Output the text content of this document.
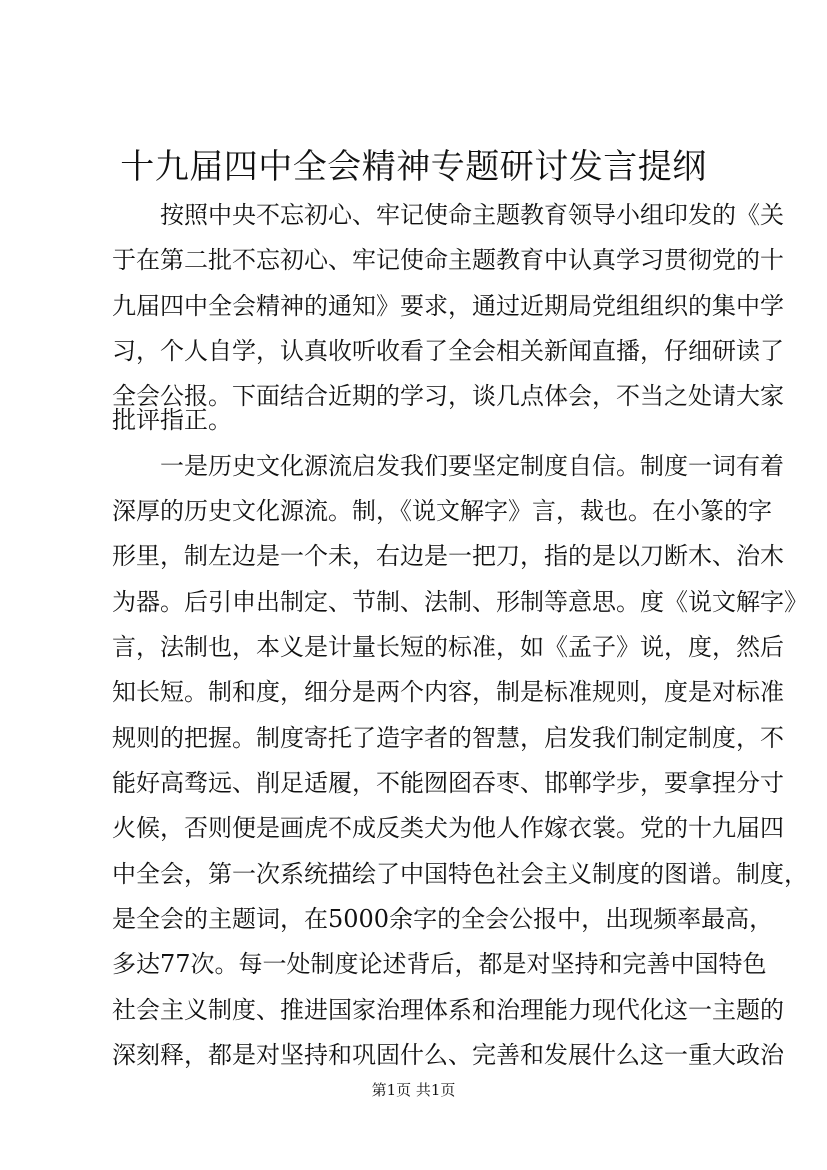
十九届四中全会精神专题研讨发言提纲
按照中央不忘初心、牢记使命主题教育领导小组印发的《关
于在第二批不忘初心、牢记使命主题教育中认真学习贯彻党的十
九届四中全会精神的通知》要求，通过近期局党组组织的集中学
习，个人自学，认真收听收看了全会相关新闻直播，仔细研读了
全会公报。下面结合近期的学习，谈几点体会，不当之处请大家
批评指正。
一是历史文化源流启发我们要坚定制度自信。制度一词有着
深厚的历史文化源流。制，《说文解字》言，裁也。在小篆的字
形里，制左边是一个未，右边是一把刀，指的是以刀断木、治木
为器。后引申出制定、节制、法制、形制等意思。度《说文解字》
言，法制也，本义是计量长短的标准，如《孟子》说，度，然后
知长短。制和度，细分是两个内容，制是标准规则，度是对标准
规则的把握。制度寄托了造字者的智慧，启发我们制定制度，不
能好高骛远、削足适履，不能囫囵吞枣、邯郸学步，要拿捏分寸
火候，否则便是画虎不成反类犬为他人作嫁衣裳。党的十九届四
中全会，第一次系统描绘了中国特色社会主义制度的图谱。制度，
是全会的主题词，在5000余字的全会公报中，出现频率最高，
多达77次。每一处制度论述背后，都是对坚持和完善中国特色
社会主义制度、推进国家治理体系和治理能力现代化这一主题的
深刻释，都是对坚持和巩固什么、完善和发展什么这一重大政治
第1页 共1页
